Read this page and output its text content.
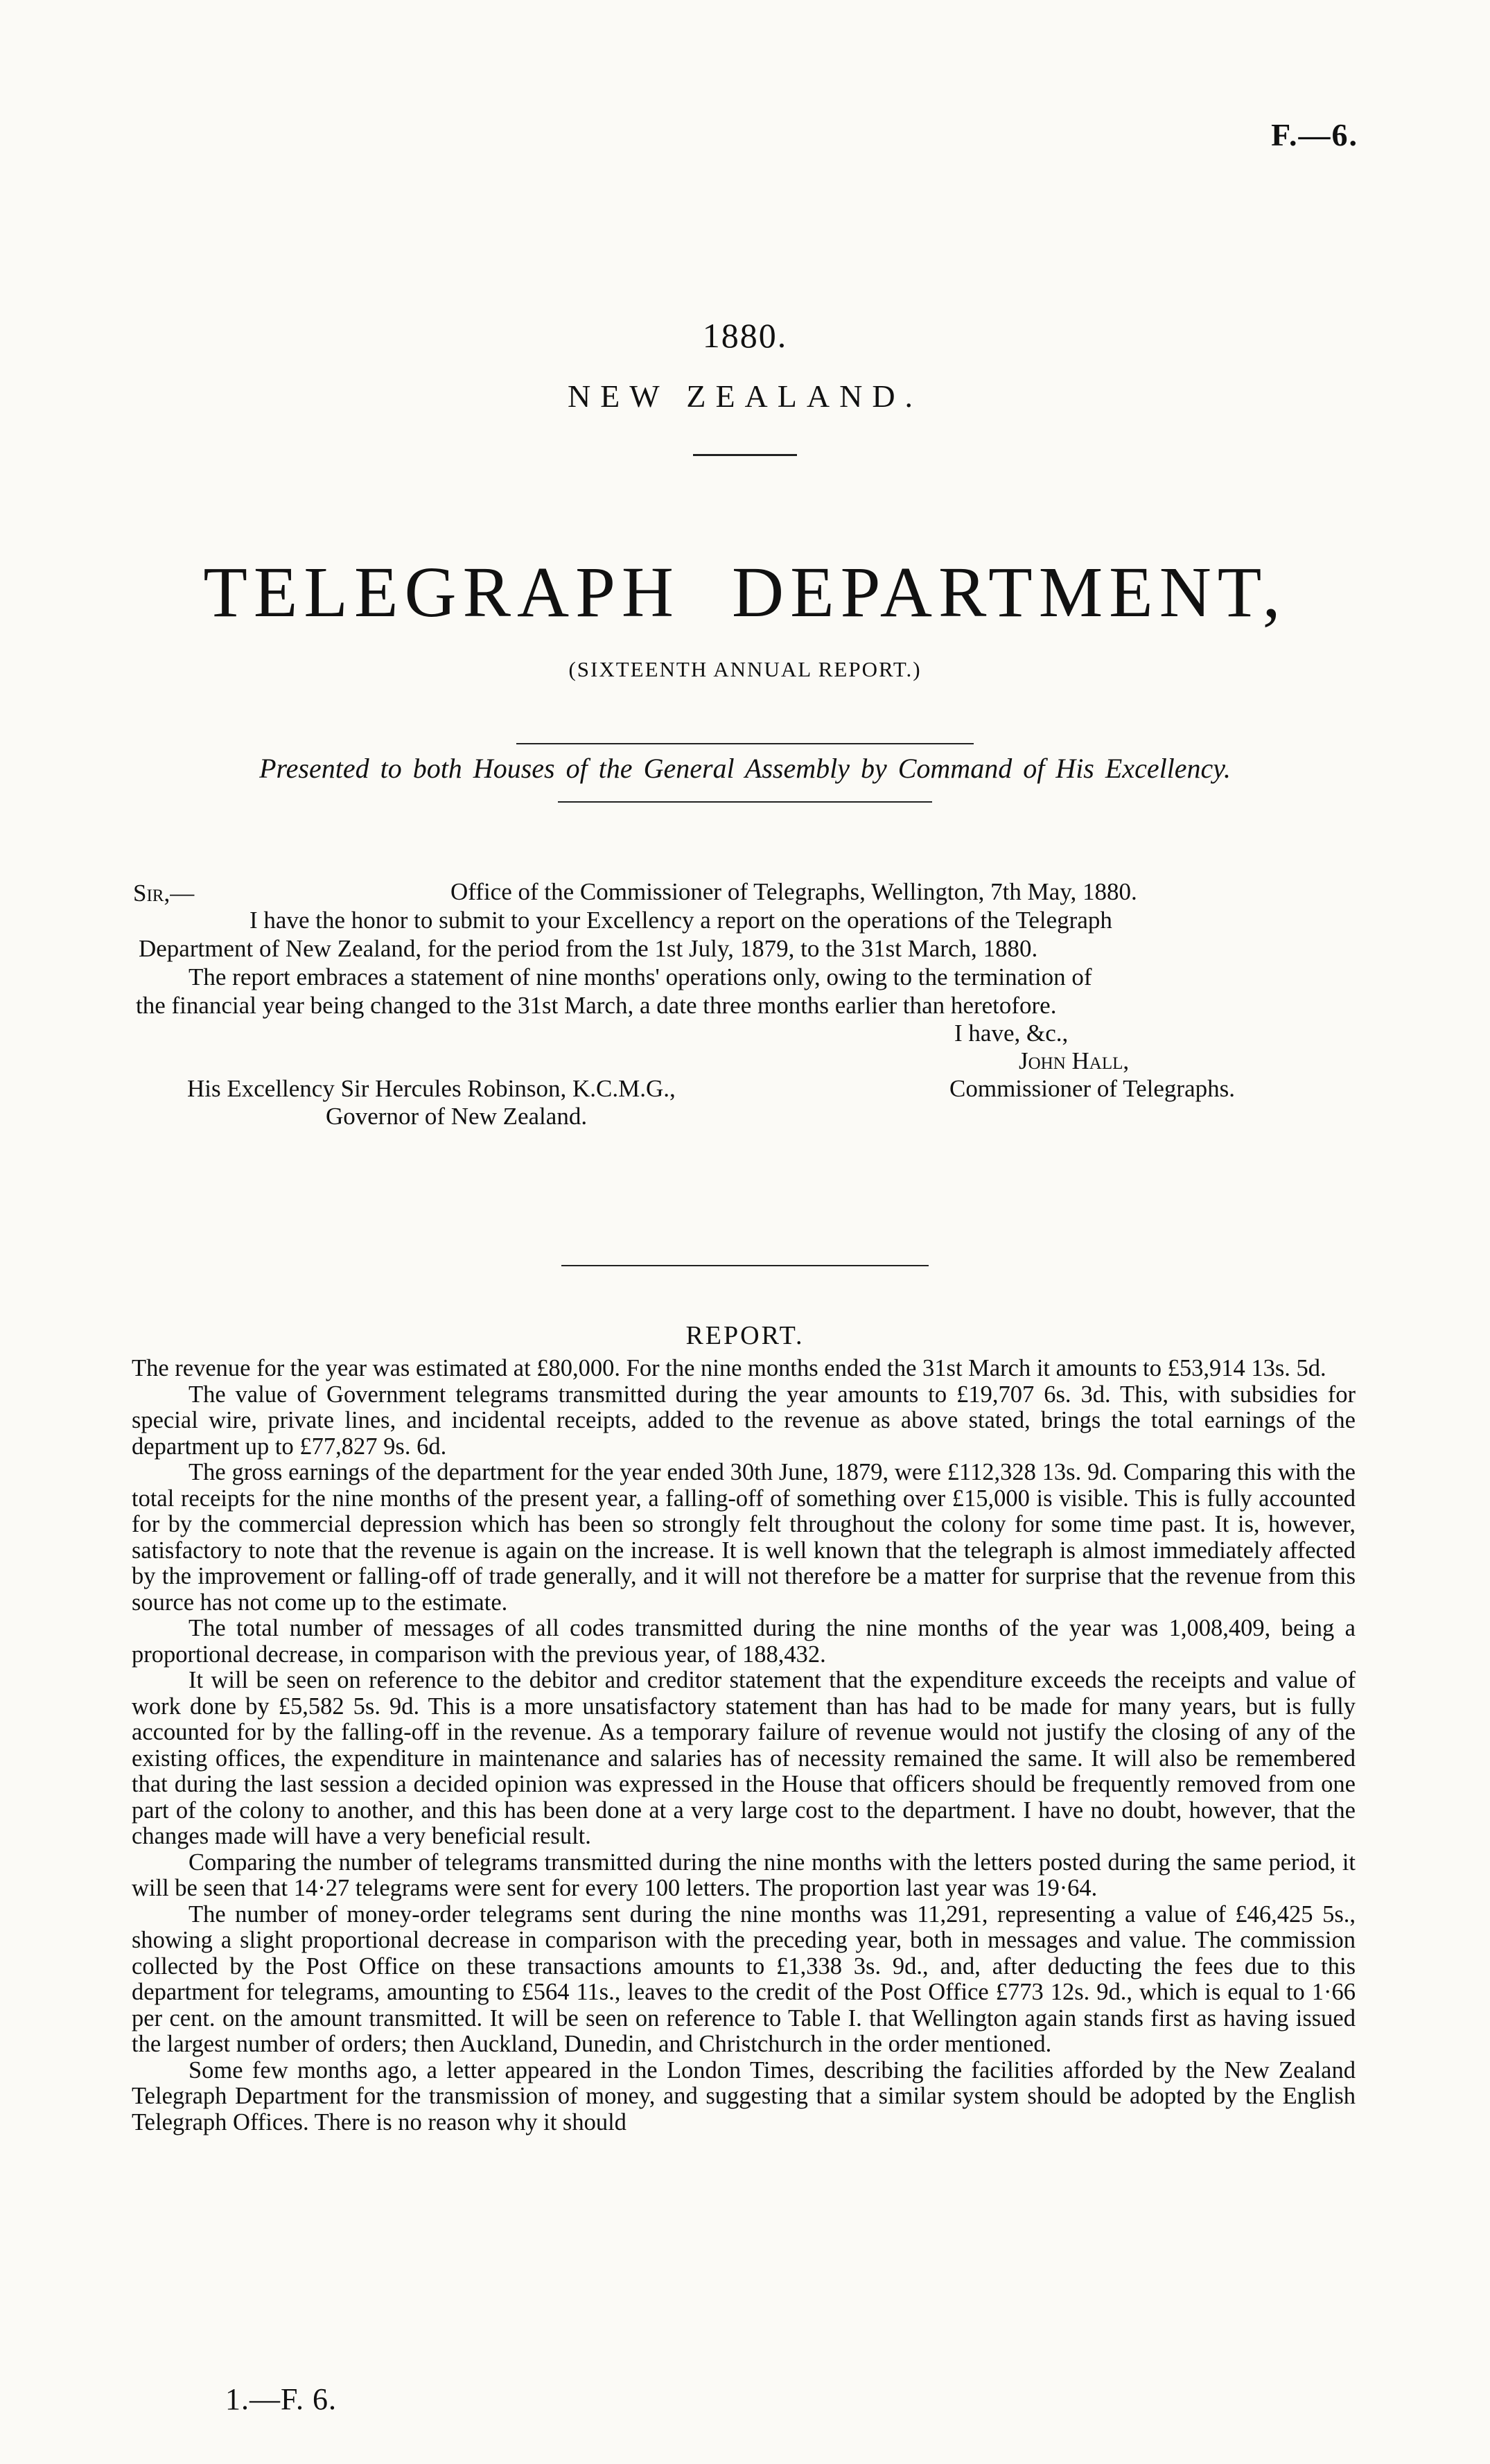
F.—6.
1880.
NEW ZEALAND.
TELEGRAPH DEPARTMENT,
(SIXTEENTH ANNUAL REPORT.)
Presented to both Houses of the General Assembly by Command of His Excellency.
Sir,—	Office of the Commissioner of Telegraphs, Wellington, 7th May, 1880.
I have the honor to submit to your Excellency a report on the operations of the Telegraph
Department of New Zealand, for the period from the 1st July, 1879, to the 31st March, 1880.
The report embraces a statement of nine months' operations only, owing to the termination of
the financial year being changed to the 31st March, a date three months earlier than heretofore.
I have, &c.,
John Hall,
Commissioner of Telegraphs.
His Excellency Sir Hercules Robinson, K.C.M.G.,
Governor of New Zealand.
REPORT.

The revenue for the year was estimated at £80,000. For the nine months ended the 31st March it amounts to £53,914 13s. 5d.

The value of Government telegrams transmitted during the year amounts to £19,707 6s. 3d. This, with subsidies for special wire, private lines, and incidental receipts, added to the revenue as above stated, brings the total earnings of the department up to £77,827 9s. 6d.

The gross earnings of the department for the year ended 30th June, 1879, were £112,328 13s. 9d. Comparing this with the total receipts for the nine months of the present year, a falling-off of something over £15,000 is visible. This is fully accounted for by the commercial depression which has been so strongly felt throughout the colony for some time past. It is, however, satisfactory to note that the revenue is again on the increase. It is well known that the telegraph is almost immediately affected by the improvement or falling-off of trade generally, and it will not therefore be a matter for surprise that the revenue from this source has not come up to the estimate.

The total number of messages of all codes transmitted during the nine months of the year was 1,008,409, being a proportional decrease, in comparison with the previous year, of 188,432.

It will be seen on reference to the debitor and creditor statement that the expenditure exceeds the receipts and value of work done by £5,582 5s. 9d. This is a more unsatisfactory statement than has had to be made for many years, but is fully accounted for by the falling-off in the revenue. As a temporary failure of revenue would not justify the closing of any of the existing offices, the expenditure in maintenance and salaries has of necessity remained the same. It will also be remembered that during the last session a decided opinion was expressed in the House that officers should be frequently removed from one part of the colony to another, and this has been done at a very large cost to the department. I have no doubt, however, that the changes made will have a very beneficial result.

Comparing the number of telegrams transmitted during the nine months with the letters posted during the same period, it will be seen that 14·27 telegrams were sent for every 100 letters. The proportion last year was 19·64.

The number of money-order telegrams sent during the nine months was 11,291, representing a value of £46,425 5s., showing a slight proportional decrease in comparison with the preceding year, both in messages and value. The commission collected by the Post Office on these transactions amounts to £1,338 3s. 9d., and, after deducting the fees due to this department for telegrams, amounting to £564 11s., leaves to the credit of the Post Office £773 12s. 9d., which is equal to 1·66 per cent. on the amount transmitted. It will be seen on reference to Table I. that Wellington again stands first as having issued the largest number of orders; then Auckland, Dunedin, and Christchurch in the order mentioned.

Some few months ago, a letter appeared in the London Times, describing the facilities afforded by the New Zealand Telegraph Department for the transmission of money, and suggesting that a similar system should be adopted by the English Telegraph Offices. There is no reason why it should

1.—F. 6.
